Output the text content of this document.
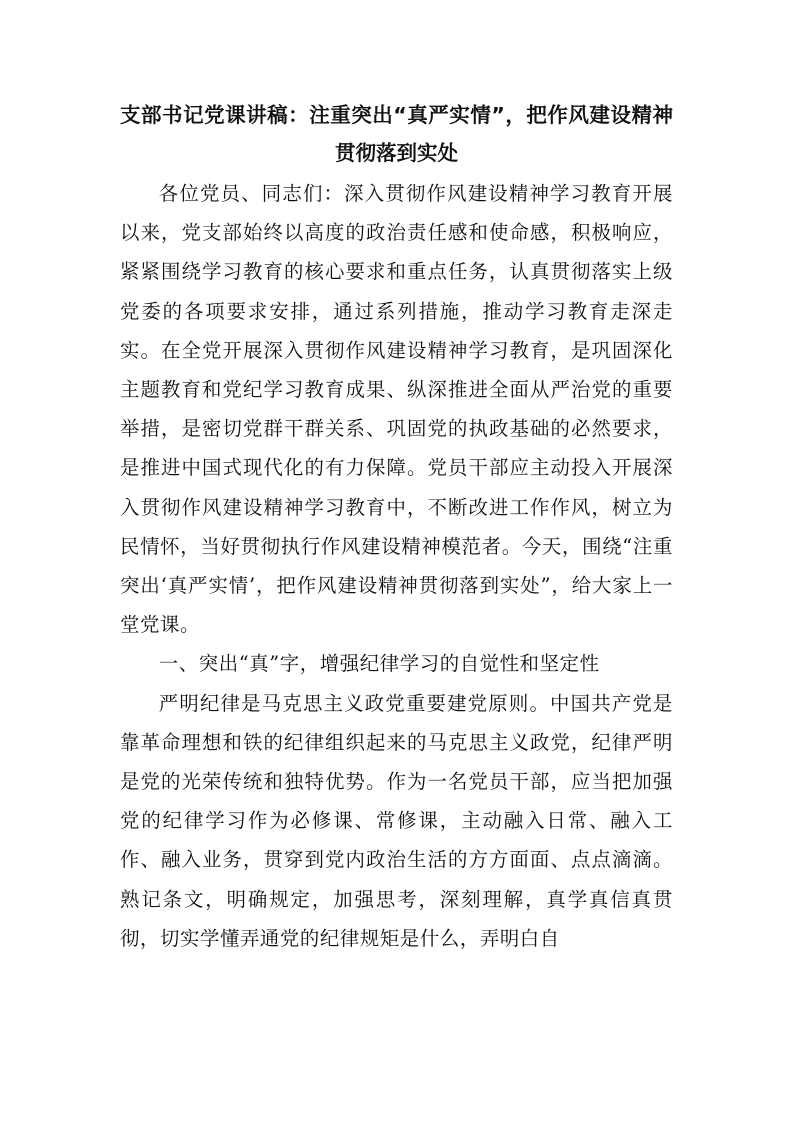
支部书记党课讲稿：注重突出“真严实情”，把作风建设精神贯彻落到实处

各位党员、同志们：深入贯彻作风建设精神学习教育开展以来，党支部始终以高度的政治责任感和使命感，积极响应，紧紧围绕学习教育的核心要求和重点任务，认真贯彻落实上级党委的各项要求安排，通过系列措施，推动学习教育走深走实。在全党开展深入贯彻作风建设精神学习教育，是巩固深化主题教育和党纪学习教育成果、纵深推进全面从严治党的重要举措，是密切党群干群关系、巩固党的执政基础的必然要求，是推进中国式现代化的有力保障。党员干部应主动投入开展深入贯彻作风建设精神学习教育中，不断改进工作作风，树立为民情怀，当好贯彻执行作风建设精神模范者。今天，围绕“注重突出‘真严实情’，把作风建设精神贯彻落到实处”，给大家上一堂党课。

一、突出“真”字，增强纪律学习的自觉性和坚定性

严明纪律是马克思主义政党重要建党原则。中国共产党是靠革命理想和铁的纪律组织起来的马克思主义政党，纪律严明是党的光荣传统和独特优势。作为一名党员干部，应当把加强党的纪律学习作为必修课、常修课，主动融入日常、融入工作、融入业务，贯穿到党内政治生活的方方面面、点点滴滴。熟记条文，明确规定，加强思考，深刻理解，真学真信真贯彻，切实学懂弄通党的纪律规矩是什么，弄明白自
